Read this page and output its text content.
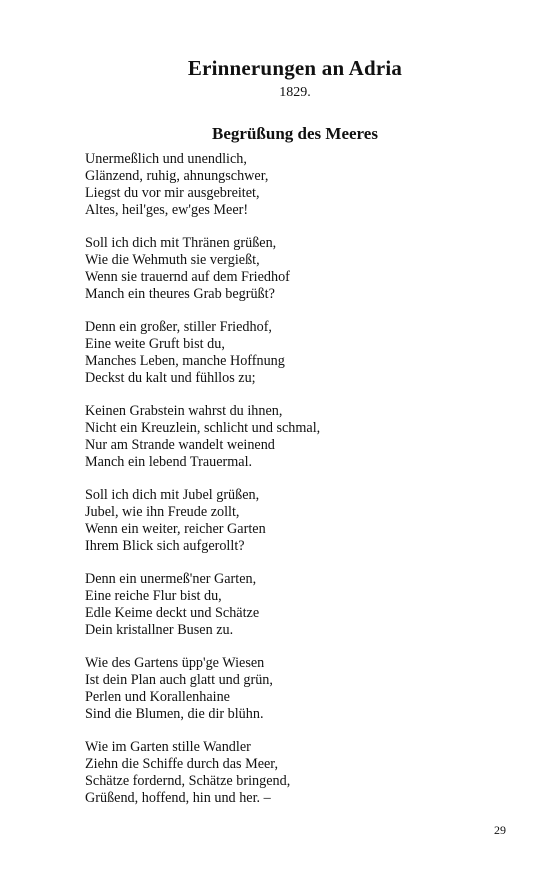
Erinnerungen an Adria
1829.
Begrüßung des Meeres
Unermeßlich und unendlich,
Glänzend, ruhig, ahnungschwer,
Liegst du vor mir ausgebreitet,
Altes, heil'ges, ew'ges Meer!
Soll ich dich mit Thränen grüßen,
Wie die Wehmuth sie vergießt,
Wenn sie trauernd auf dem Friedhof
Manch ein theures Grab begrüßt?
Denn ein großer, stiller Friedhof,
Eine weite Gruft bist du,
Manches Leben, manche Hoffnung
Deckst du kalt und fühllos zu;
Keinen Grabstein wahrst du ihnen,
Nicht ein Kreuzlein, schlicht und schmal,
Nur am Strande wandelt weinend
Manch ein lebend Trauermal.
Soll ich dich mit Jubel grüßen,
Jubel, wie ihn Freude zollt,
Wenn ein weiter, reicher Garten
Ihrem Blick sich aufgerollt?
Denn ein unermeß'ner Garten,
Eine reiche Flur bist du,
Edle Keime deckt und Schätze
Dein kristallner Busen zu.
Wie des Gartens üpp'ge Wiesen
Ist dein Plan auch glatt und grün,
Perlen und Korallenhaine
Sind die Blumen, die dir blühn.
Wie im Garten stille Wandler
Ziehn die Schiffe durch das Meer,
Schätze fordernd, Schätze bringend,
Grüßend, hoffend, hin und her. –
29
